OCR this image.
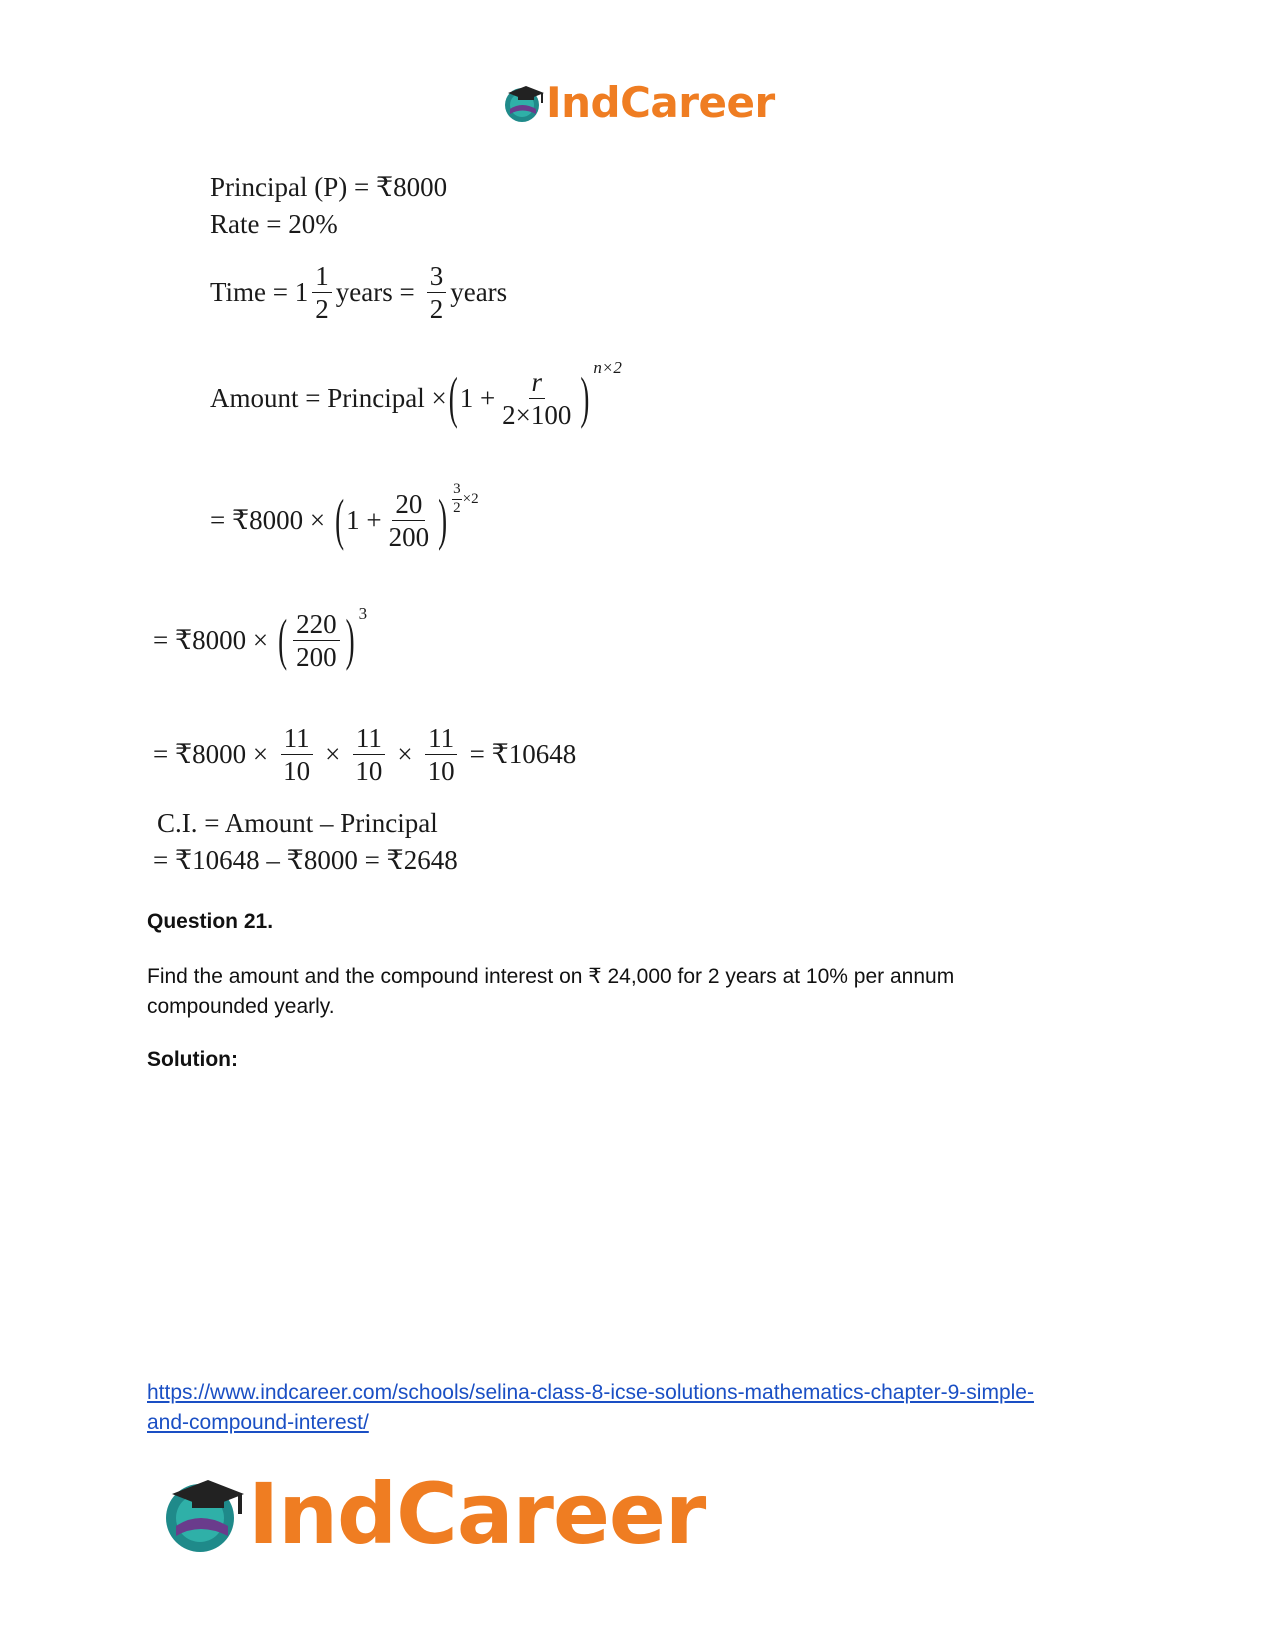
IndCareer
Principal (P) = ₹8000
Rate = 20%
Time = $1 \frac{1}{2}$ years = $\frac{3}{2}$ years
Amount = Principal × ( $1 + \frac{r}{2\times 100}$ ) n×2
= ₹8000 × ( $1 + \frac{20}{200}$ ) $\frac{3}{2} \times 2$
= ₹8000 × ( $\frac{220}{200}$ ) 3
= ₹8000 × $\frac{11}{10} \times \frac{11}{10} \times \frac{11}{10}$ = ₹10648
C.I. = Amount – Principal
= ₹10648 – ₹8000 = ₹2648
Question 21.
Find the amount and the compound interest on ₹ 24,000 for 2 years at 10% per annum
compounded yearly.
Solution:
https://www.indcareer.com/schools/selina-class-8-icse-solutions-mathematics-chapter-9-simple-
and-compound-interest/
IndCareer
